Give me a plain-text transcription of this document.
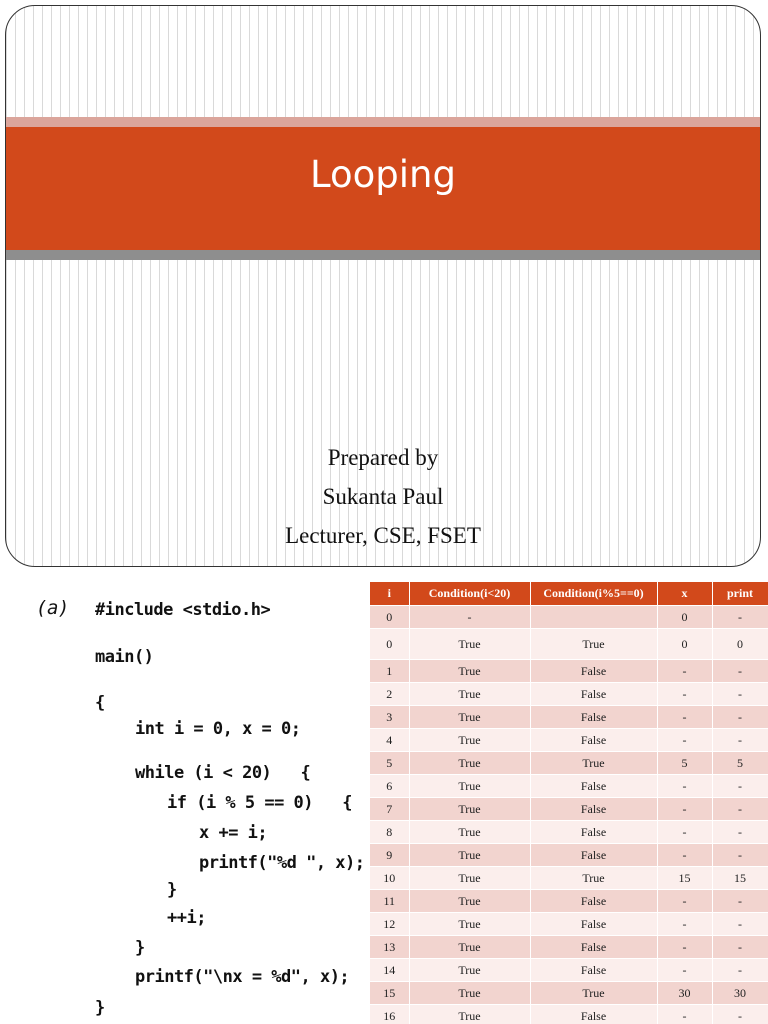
Looping
Prepared by
Sukanta Paul
Lecturer, CSE, FSET
(a) #include <stdio.h>
main()
{
int i = 0, x = 0;
while (i < 20)   {
if (i % 5 == 0)   {
x += i;
printf("%d ", x);
}
++i;
}
printf("\nx = %d", x);
}
i	Condition(i<20)	Condition(i%5==0)	x	print
0	-		0	-
0	True	True	0	0
1	True	False	-	-
2	True	False	-	-
3	True	False	-	-
4	True	False	-	-
5	True	True	5	5
6	True	False	-	-
7	True	False	-	-
8	True	False	-	-
9	True	False	-	-
10	True	True	15	15
11	True	False	-	-
12	True	False	-	-
13	True	False	-	-
14	True	False	-	-
15	True	True	30	30
16	True	False	-	-
